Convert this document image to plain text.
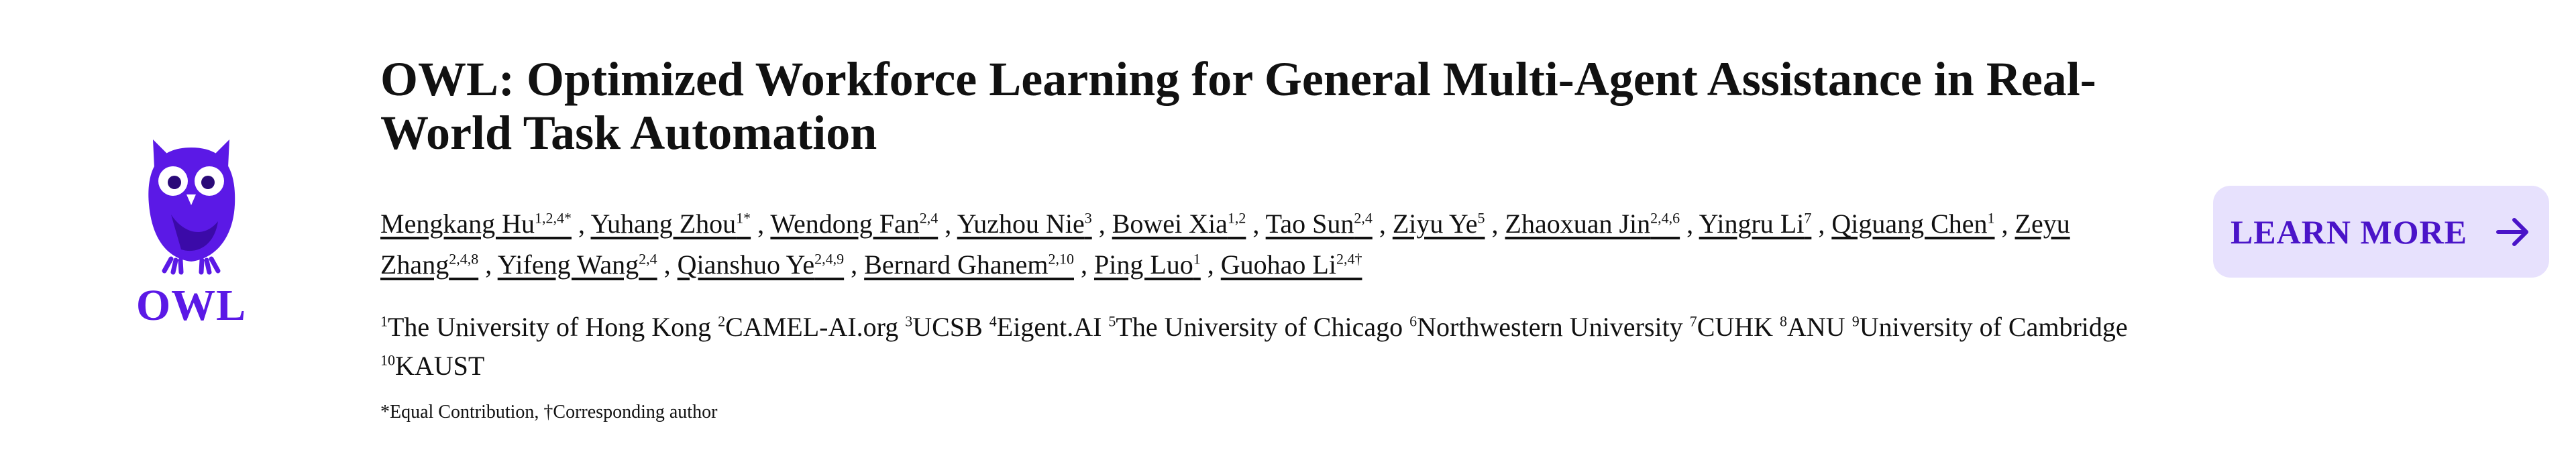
OWL
OWL: Optimized Workforce Learning for General Multi-Agent Assistance in Real-World Task Automation
Mengkang $Hu^{1,2,4*}$ , Yuhang Zhou$^{1*}$ , Wendong Fan$^{2,4}$ , Yuzhou Nie$^3$ , Bowei Xia$^{1,2}$ , Tao Sun$^{2,4}$ , Ziyu Ye$^5$ , Zhaoxuan Jin$^{2,4,6}$ , Yingru Li$^7$ , Qiguang Chen$^1$ , Zeyu Zhang$^{2,4,8}$ , Yifeng Wang$^{2,4}$ , Qianshuo Ye$^{2,4,9}$ , Bernard Ghanem$^{2,10}$ , Ping Luo$^1$ , Guohao $Li^{2,4\dagger}$
$^1$The University of Hong Kong $^2$CAMEL-AI.org $^3$UCSB $^4$Eigent.AI $^5$The University of Chicago $^6$Northwestern University $^7$CUHK $^8$ANU $^9$University of Cambridge $^{10}$KAUST
*Equal Contribution, †Corresponding author
LEARN MORE
